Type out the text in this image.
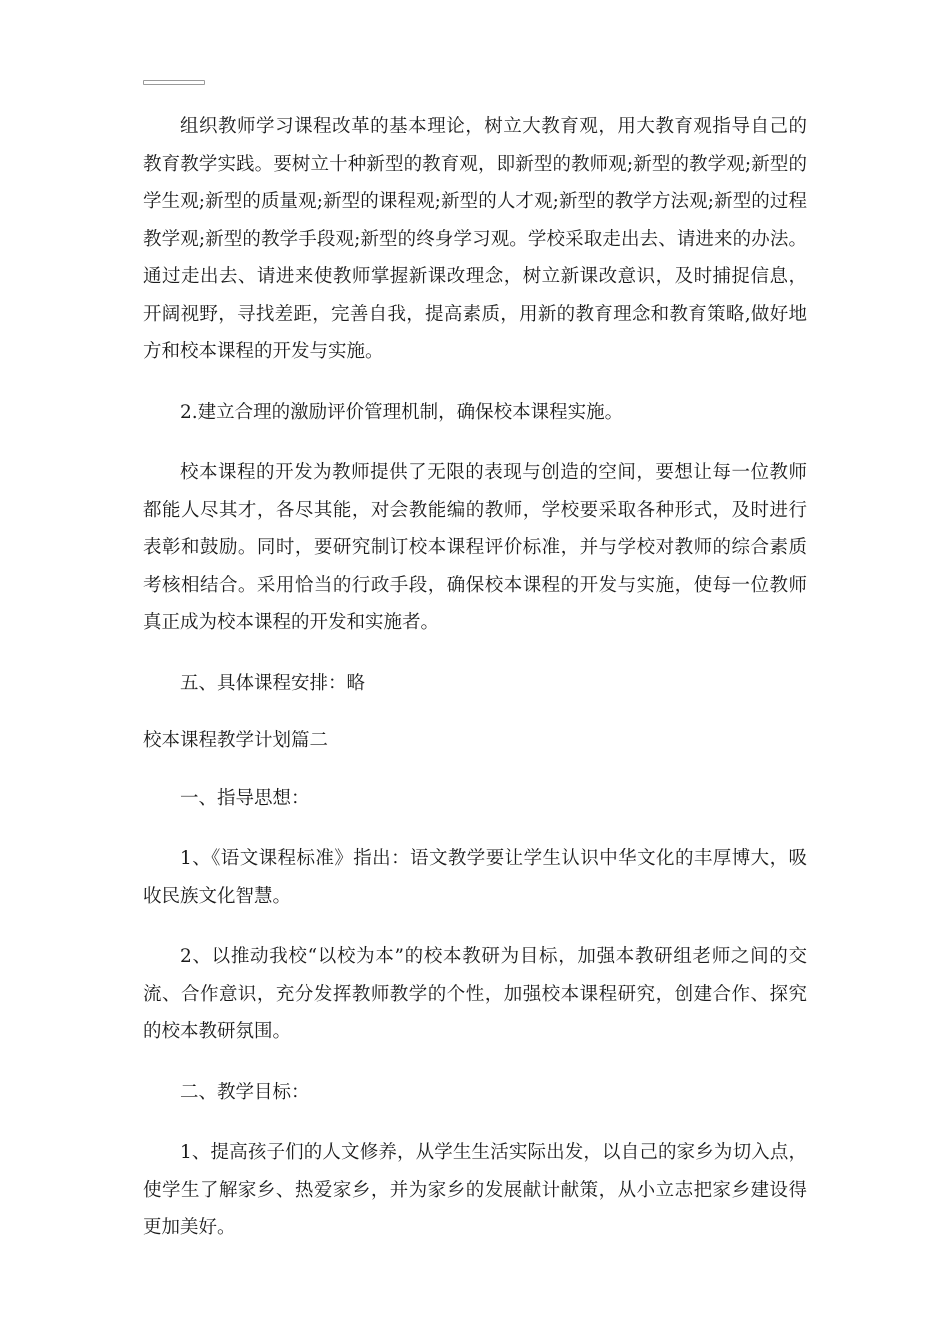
组织教师学习课程改革的基本理论，树立大教育观，用大教育观指导自己的教育教学实践。要树立十种新型的教育观，即新型的教师观;新型的教学观;新型的学生观;新型的质量观;新型的课程观;新型的人才观;新型的教学方法观;新型的过程教学观;新型的教学手段观;新型的终身学习观。学校采取走出去、请进来的办法。通过走出去、请进来使教师掌握新课改理念，树立新课改意识，及时捕捉信息，开阔视野，寻找差距，完善自我，提高素质，用新的教育理念和教育策略,做好地方和校本课程的开发与实施。

2.建立合理的激励评价管理机制，确保校本课程实施。

校本课程的开发为教师提供了无限的表现与创造的空间，要想让每一位教师都能人尽其才，各尽其能，对会教能编的教师，学校要采取各种形式，及时进行表彰和鼓励。同时，要研究制订校本课程评价标准，并与学校对教师的综合素质考核相结合。采用恰当的行政手段，确保校本课程的开发与实施，使每一位教师真正成为校本课程的开发和实施者。

五、具体课程安排：略

校本课程教学计划篇二

一、指导思想：

1、《语文课程标准》指出：语文教学要让学生认识中华文化的丰厚博大，吸收民族文化智慧。

2、以推动我校“以校为本”的校本教研为目标，加强本教研组老师之间的交流、合作意识，充分发挥教师教学的个性，加强校本课程研究，创建合作、探究的校本教研氛围。

二、教学目标：

1、提高孩子们的人文修养，从学生生活实际出发，以自己的家乡为切入点，使学生了解家乡、热爱家乡，并为家乡的发展献计献策，从小立志把家乡建设得更加美好。
